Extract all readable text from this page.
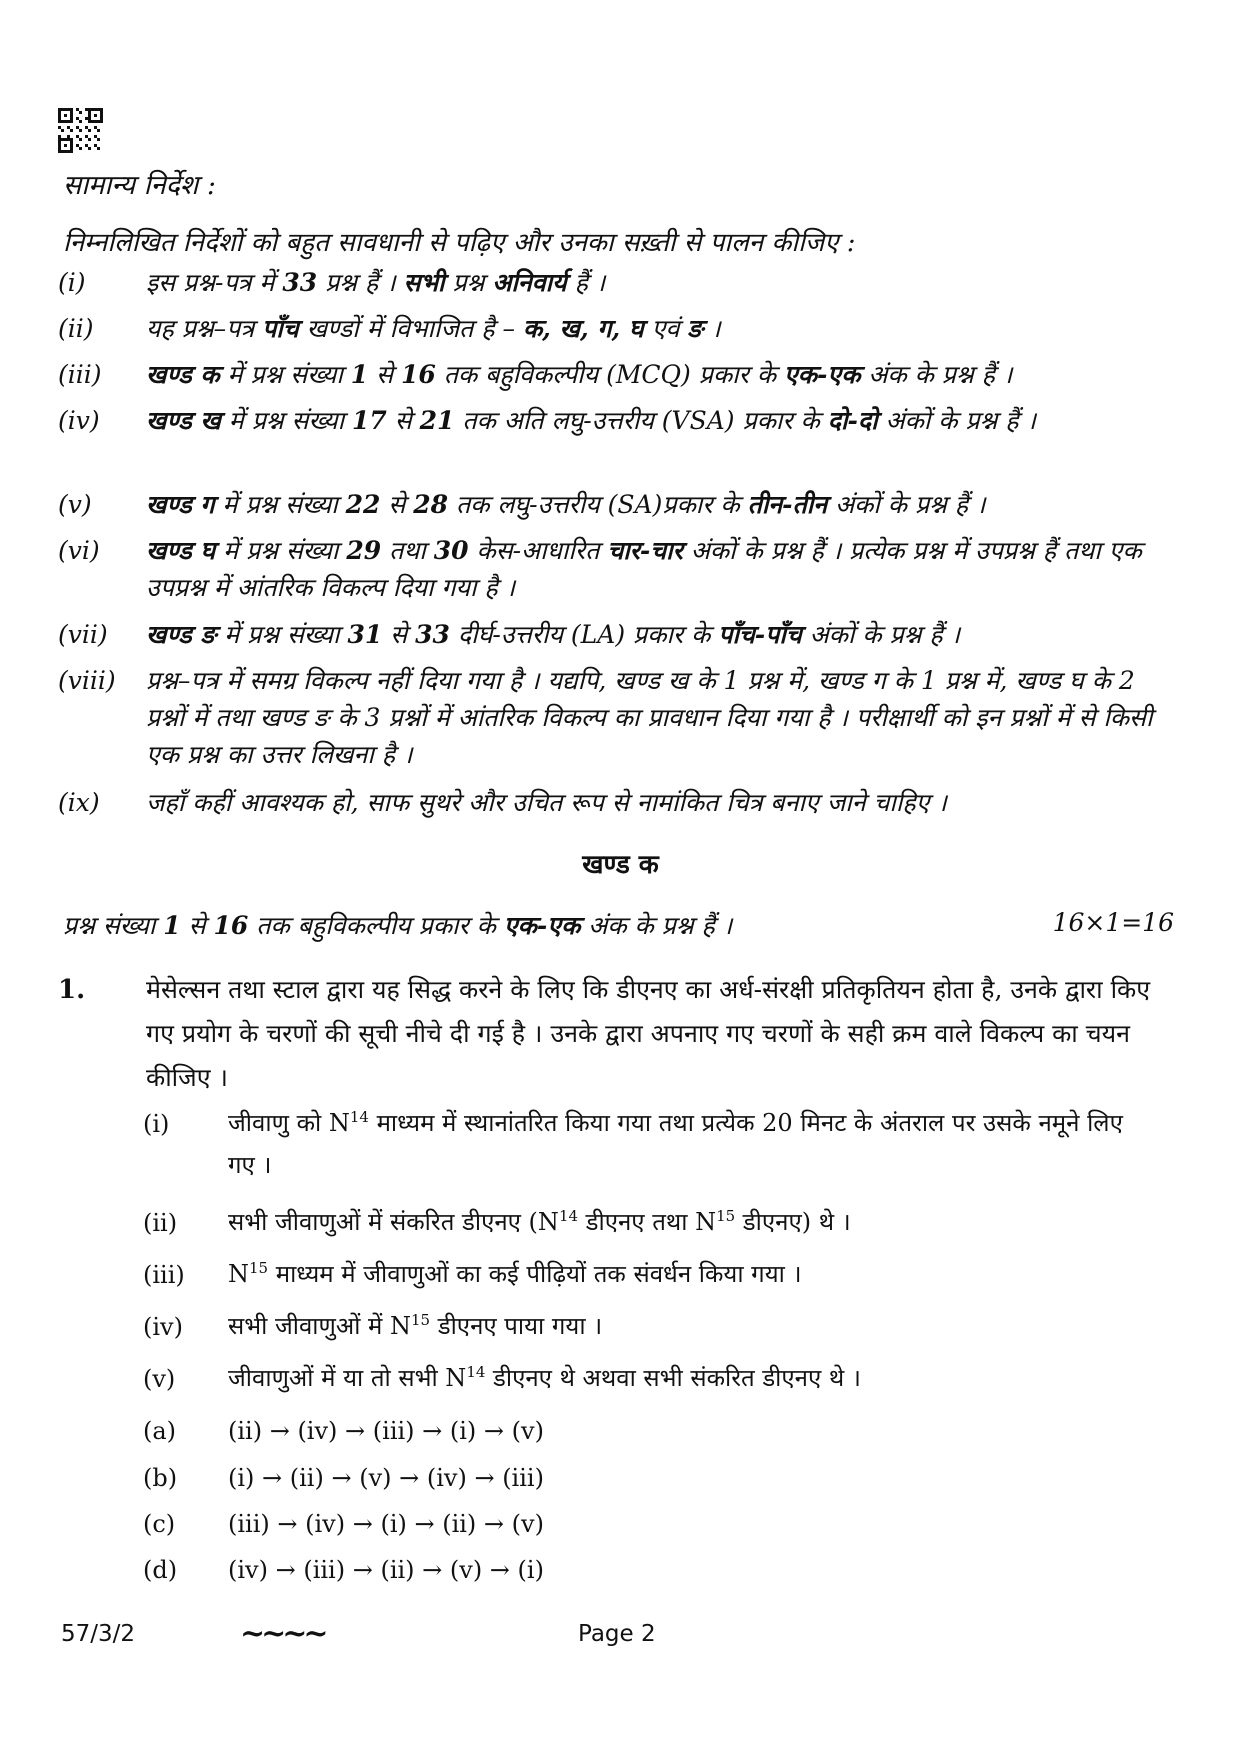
सामान्य निर्देश :
निम्नलिखित निर्देशों को बहुत सावधानी से पढ़िए और उनका सख़्ती से पालन कीजिए :
(i) इस प्रश्न-पत्र में 33 प्रश्न हैं । सभी प्रश्न अनिवार्य हैं ।
(ii) यह प्रश्न–पत्र पाँच खण्डों में विभाजित है – क, ख, ग, घ एवं ङ ।
(iii) खण्ड क में प्रश्न संख्या 1 से 16 तक बहुविकल्पीय (MCQ) प्रकार के एक-एक अंक के प्रश्न हैं ।
(iv) खण्ड ख में प्रश्न संख्या 17 से 21 तक अति लघु-उत्तरीय (VSA) प्रकार के दो-दो अंकों के प्रश्न हैं ।
(v) खण्ड ग में प्रश्न संख्या 22 से 28 तक लघु-उत्तरीय (SA)प्रकार के तीन-तीन अंकों के प्रश्न हैं ।
(vi) खण्ड घ में प्रश्न संख्या 29 तथा 30 केस-आधारित चार-चार अंकों के प्रश्न हैं । प्रत्येक प्रश्न में उपप्रश्न हैं तथा एक उपप्रश्न में आंतरिक विकल्प दिया गया है ।
(vii) खण्ड ङ में प्रश्न संख्या 31 से 33 दीर्घ-उत्तरीय (LA) प्रकार के पाँच-पाँच अंकों के प्रश्न हैं ।
(viii) प्रश्न–पत्र में समग्र विकल्प नहीं दिया गया है । यद्यपि, खण्ड ख के 1 प्रश्न में, खण्ड ग के 1 प्रश्न में, खण्ड घ के 2 प्रश्नों में तथा खण्ड ङ के 3 प्रश्नों में आंतरिक विकल्प का प्रावधान दिया गया है । परीक्षार्थी को इन प्रश्नों में से किसी एक प्रश्न का उत्तर लिखना है ।
(ix) जहाँ कहीं आवश्यक हो, साफ सुथरे और उचित रूप से नामांकित चित्र बनाए जाने चाहिए ।
खण्ड क
प्रश्न संख्या 1 से 16 तक बहुविकल्पीय प्रकार के एक-एक अंक के प्रश्न हैं ।	16×1=16
1. मेसेल्सन तथा स्टाल द्वारा यह सिद्ध करने के लिए कि डीएनए का अर्ध-संरक्षी प्रतिकृतियन होता है, उनके द्वारा किए गए प्रयोग के चरणों की सूची नीचे दी गई है । उनके द्वारा अपनाए गए चरणों के सही क्रम वाले विकल्प का चयन कीजिए ।
(i) जीवाणु को $N^{14}$ माध्यम में स्थानांतरित किया गया तथा प्रत्येक 20 मिनट के अंतराल पर उसके नमूने लिए गए ।
(ii) सभी जीवाणुओं में संकरित डीएनए ($N^{14}$ डीएनए तथा $N^{15}$ डीएनए) थे ।
(iii) $N^{15}$ माध्यम में जीवाणुओं का कई पीढ़ियों तक संवर्धन किया गया ।
(iv) सभी जीवाणुओं में $N^{15}$ डीएनए पाया गया ।
(v) जीवाणुओं में या तो सभी $N^{14}$ डीएनए थे अथवा सभी संकरित डीएनए थे ।
(a) (ii) → (iv) → (iii) → (i) → (v)
(b) (i) → (ii) → (v) → (iv) → (iii)
(c) (iii) → (iv) → (i) → (ii) → (v)
(d) (iv) → (iii) → (ii) → (v) → (i)
57/3/2	~~~~	Page 2
